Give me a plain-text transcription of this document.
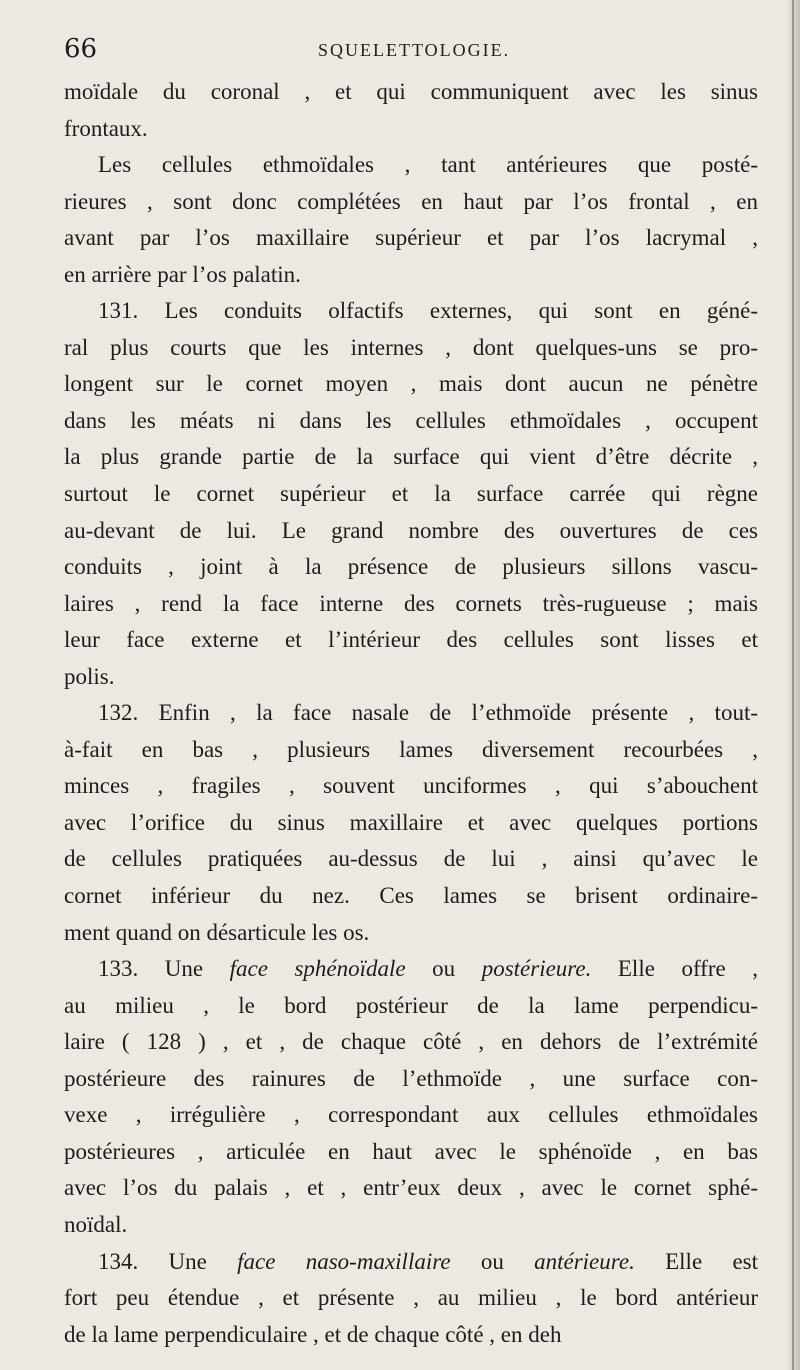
66	SQUELETTOLOGIE.
moïdale du coronal , et qui communiquent avec les sinus
frontaux.
Les cellules ethmoïdales , tant antérieures que posté-
rieures , sont donc complétées en haut par l’os frontal , en
avant par l’os maxillaire supérieur et par l’os lacrymal ,
en arrière par l’os palatin.
131. Les conduits olfactifs externes, qui sont en géné-
ral plus courts que les internes , dont quelques-uns se pro-
longent sur le cornet moyen , mais dont aucun ne pénètre
dans les méats ni dans les cellules ethmoïdales , occupent
la plus grande partie de la surface qui vient d’être décrite ,
surtout le cornet supérieur et la surface carrée qui règne
au-devant de lui. Le grand nombre des ouvertures de ces
conduits , joint à la présence de plusieurs sillons vascu-
laires , rend la face interne des cornets très-rugueuse ; mais
leur face externe et l’intérieur des cellules sont lisses et
polis.
132. Enfin , la face nasale de l’ethmoïde présente , tout-
à-fait en bas , plusieurs lames diversement recourbées ,
minces , fragiles , souvent unciformes , qui s’abouchent
avec l’orifice du sinus maxillaire et avec quelques portions
de cellules pratiquées au-dessus de lui , ainsi qu’avec le
cornet inférieur du nez. Ces lames se brisent ordinaire-
ment quand on désarticule les os.
133. Une face sphénoïdale ou postérieure. Elle offre ,
au milieu , le bord postérieur de la lame perpendicu-
laire ( 128 ) , et , de chaque côté , en dehors de l’extrémité
postérieure des rainures de l’ethmoïde , une surface con-
vexe , irrégulière , correspondant aux cellules ethmoïdales
postérieures , articulée en haut avec le sphénoïde , en bas
avec l’os du palais , et , entr’eux deux , avec le cornet sphé-
noïdal.
134. Une face naso-maxillaire ou antérieure. Elle est
fort peu étendue , et présente , au milieu , le bord antérieur
de la lame perpendiculaire , et de chaque côté , en deh
